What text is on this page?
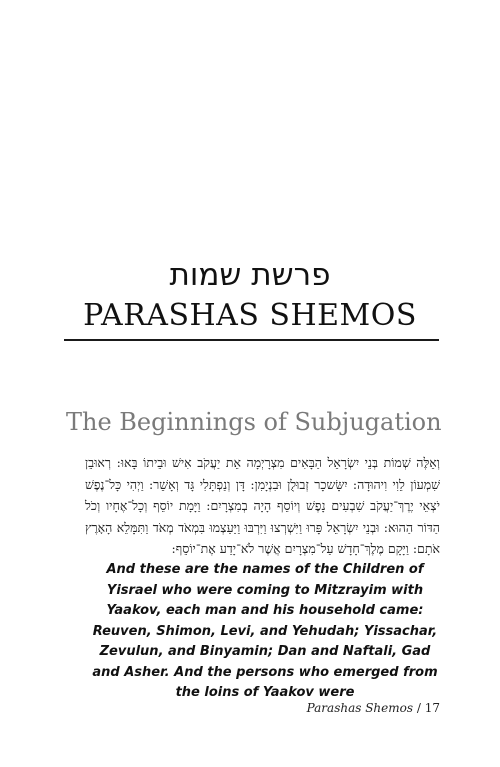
פרשת שמות
PARASHAS SHEMOS
The Beginnings of Subjugation
וְאֵלֶּה שְׁמוֹת בְּנֵי יִשְׂרָאֵל הַבָּאִים מִצְרָיְמָה אֵת יַעֲקֹב אִישׁ וּבֵיתוֹ בָּאוּ: רְאוּבֵן שִׁמְעוֹן לֵוִי וִיהוּדָה: יִשָּׂשכָר זְבוּלֻן וּבִנְיָמִן: דָּן וְנַפְתָּלִי גָּד וְאָשֵׁר: וַיְהִי כָּל־נֶפֶשׁ יֹצְאֵי יֶרֶךְ־יַעֲקֹב שִׁבְעִים נָפֶשׁ וְיוֹסֵף הָיָה בְמִצְרָיִם: וַיָּמָת יוֹסֵף וְכָל־אֶחָיו וְכֹל הַדּוֹר הַהוּא: וּבְנֵי יִשְׂרָאֵל פָּרוּ וַיִּשְׁרְצוּ וַיִּרְבּוּ וַיַּעַצְמוּ בִּמְאֹד מְאֹד וַתִּמָּלֵא הָאָרֶץ אֹתָם: וַיָּקָם מֶלֶךְ־חָדָשׁ עַל־מִצְרָיִם אֲשֶׁר לֹא־יָדַע אֶת־יוֹסֵף:
And these are the names of the Children of Yisrael who were coming to Mitzrayim with Yaakov, each man and his household came: Reuven, Shimon, Levi, and Yehudah; Yissachar, Zevulun, and Binyamin; Dan and Naftali, Gad and Asher. And the persons who emerged from the loins of Yaakov were
Parashas Shemos / 17
